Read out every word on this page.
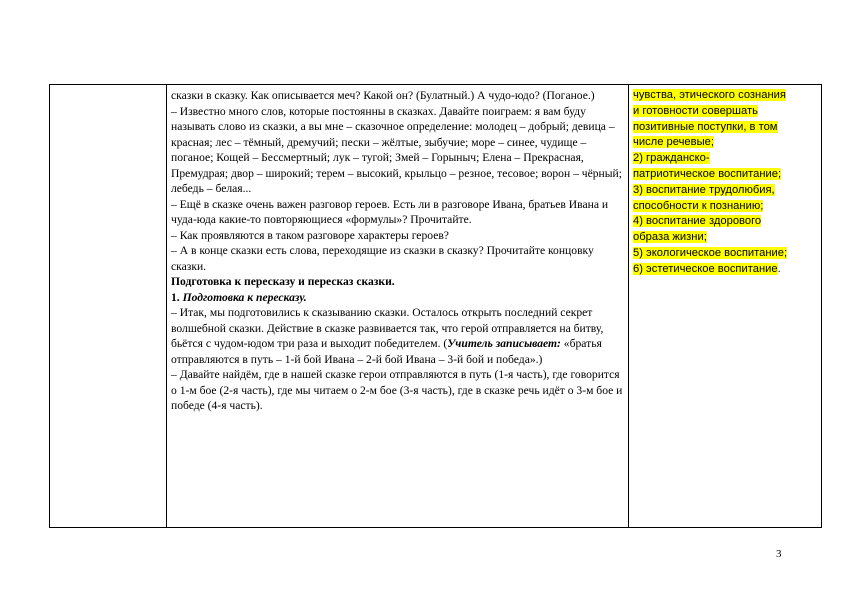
сказки в сказку. Как описывается меч? Какой он? (Булатный.) А чудо-юдо? (Поганое.)

– Известно много слов, которые постоянны в сказках. Давайте поиграем: я вам буду называть слово из сказки, а вы мне – сказочное определение: молодец – добрый; девица – красная; лес – тёмный, дремучий; пески – жёлтые, зыбучие; море – синее, чудище – поганое; Кощей – Бессмертный; лук – тугой; Змей – Горыныч; Елена – Прекрасная, Премудрая; двор – широкий; терем – высокий, крыльцо – резное, тесовое; ворон – чёрный; лебедь – белая...

– Ещё в сказке очень важен разговор героев. Есть ли в разговоре Ивана, братьев Ивана и чуда-юда какие-то повторяющиеся «формулы»? Прочитайте.

– Как проявляются в таком разговоре характеры героев?

– А в конце сказки есть слова, переходящие из сказки в сказку? Прочитайте концовку сказки.

Подготовка к пересказу и пересказ сказки.

1. Подготовка к пересказу.

– Итак, мы подготовились к сказыванию сказки. Осталось открыть последний секрет волшебной сказки. Действие в сказке развивается так, что герой отправляется на битву, бьётся с чудом-юдом три раза и выходит победителем. (Учитель записывает: «братья отправляются в путь – 1-й бой Ивана – 2-й бой Ивана – 3-й бой и победа».)

– Давайте найдём, где в нашей сказке герои отправляются в путь (1-я часть), где говорится о 1-м бое (2-я часть), где мы читаем о 2-м бое (3-я часть), где в сказке речь идёт о 3-м бое и победе (4-я часть).

чувства, этического сознания
и готовности совершать
позитивные поступки, в том
числе речевые;
2) гражданско-
патриотическое воспитание;
3) воспитание трудолюбия,
способности к познанию;
4) воспитание здорового
образа жизни;
5) экологическое воспитание;
6) эстетическое воспитание.
3
